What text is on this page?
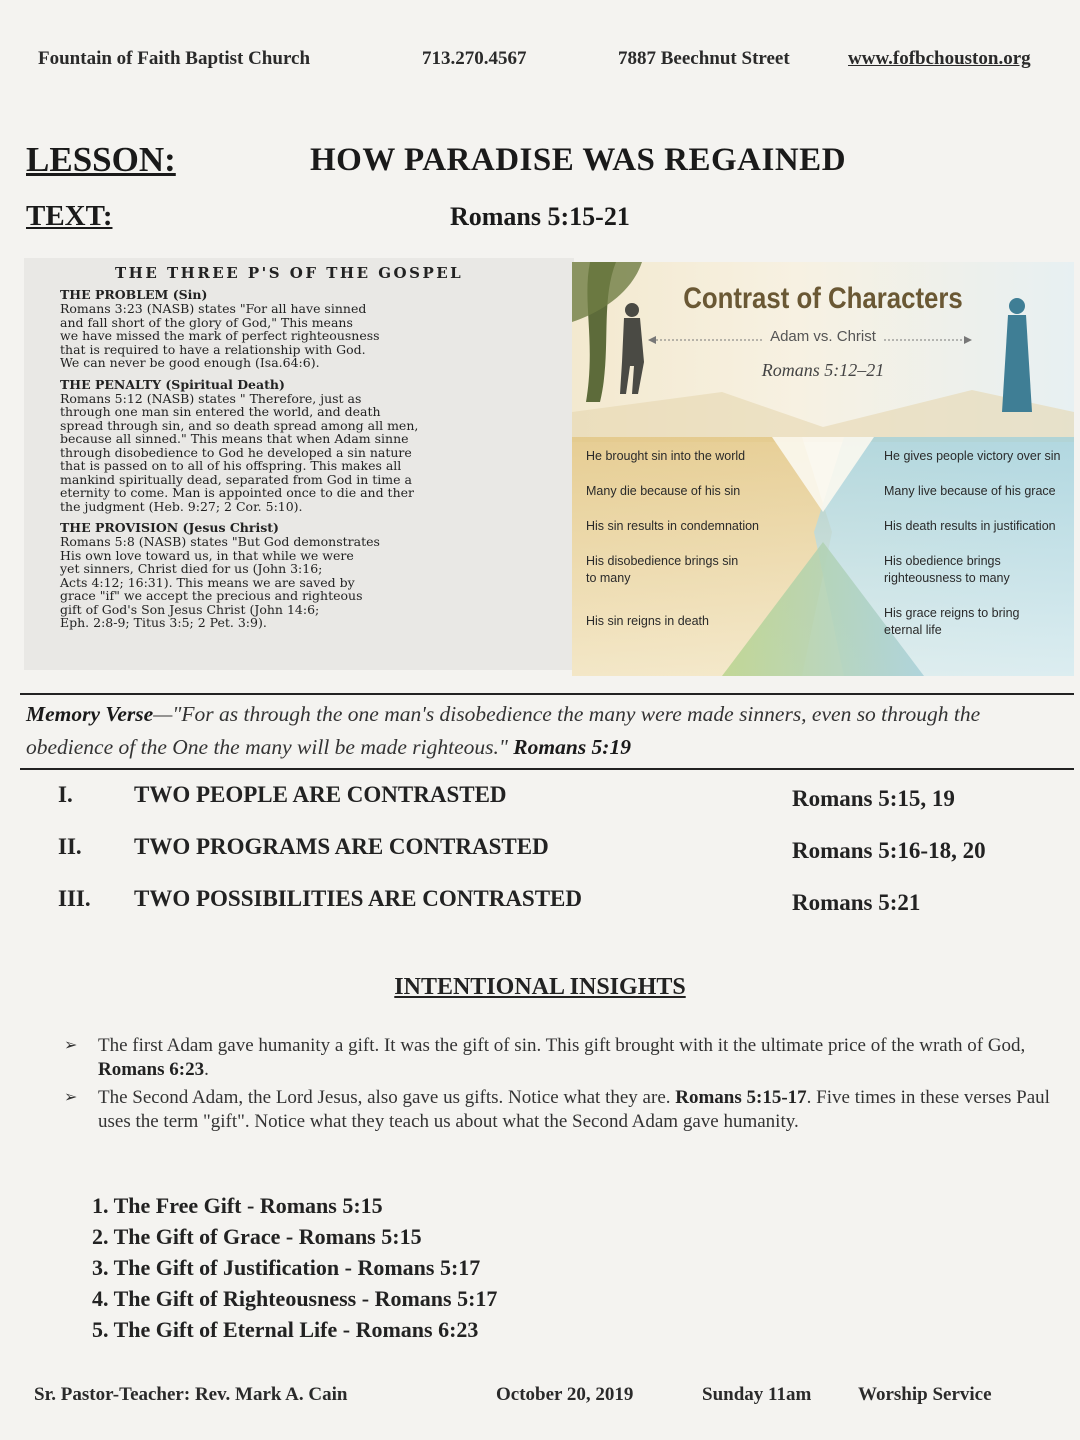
Fountain of Faith Baptist Church	713.270.4567	7887 Beechnut Street	www.fofbchouston.org
LESSON:	HOW PARADISE WAS REGAINED
TEXT:	Romans 5:15-21
THE THREE P'S OF THE GOSPEL
THE PROBLEM (Sin)
Romans 3:23 (NASB) states "For all have sinned
and fall short of the glory of God," This means
we have missed the mark of perfect righteousness
that is required to have a relationship with God.
We can never be good enough (Isa.64:6).
THE PENALTY (Spiritual Death)
Romans 5:12 (NASB) states " Therefore, just as
through one man sin entered the world, and death
spread through sin, and so death spread among all men,
because all sinned." This means that when Adam sinne
through disobedience to God he developed a sin nature
that is passed on to all of his offspring. This makes all
mankind spiritually dead, separated from God in time a
eternity to come. Man is appointed once to die and ther
the judgment (Heb. 9:27; 2 Cor. 5:10).
THE PROVISION (Jesus Christ)
Romans 5:8 (NASB) states "But God demonstrates
His own love toward us, in that while we were
yet sinners, Christ died for us (John 3:16;
Acts 4:12; 16:31). This means we are saved by
grace "if" we accept the precious and righteous
gift of God's Son Jesus Christ (John 14:6;
Eph. 2:8-9; Titus 3:5; 2 Pet. 3:9).
Contrast of Characters
Adam vs. Christ
Romans 5:12–21
He brought sin into the world
Many die because of his sin
His sin results in condemnation
His disobedience brings sin to many
His sin reigns in death
He gives people victory over sin
Many live because of his grace
His death results in justification
His obedience brings righteousness to many
His grace reigns to bring eternal life
Memory Verse—"For as through the one man's disobedience the many were made sinners, even so through the obedience of the One the many will be made righteous." Romans 5:19
I.	TWO PEOPLE ARE CONTRASTED	Romans 5:15, 19
II. TWO PROGRAMS ARE CONTRASTED	Romans 5:16-18, 20
III. TWO POSSIBILITIES ARE CONTRASTED	Romans 5:21
INTENTIONAL INSIGHTS
➢ The first Adam gave humanity a gift. It was the gift of sin. This gift brought with it the ultimate price of the wrath of God, Romans 6:23.
➢ The Second Adam, the Lord Jesus, also gave us gifts. Notice what they are. Romans 5:15-17. Five times in these verses Paul uses the term "gift". Notice what they teach us about what the Second Adam gave humanity.
1. The Free Gift - Romans 5:15
2. The Gift of Grace - Romans 5:15
3. The Gift of Justification - Romans 5:17
4. The Gift of Righteousness - Romans 5:17
5. The Gift of Eternal Life - Romans 6:23
Sr. Pastor-Teacher: Rev. Mark A. Cain	October 20, 2019	Sunday 11am Worship Service
